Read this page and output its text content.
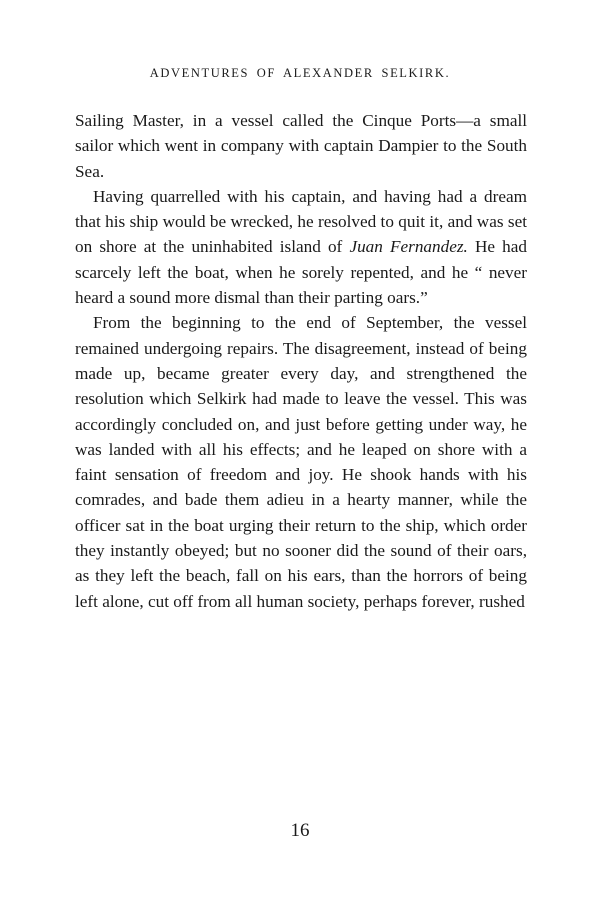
ADVENTURES OF ALEXANDER SELKIRK.

Sailing Master, in a vessel called the Cinque Ports—a small sailor which went in company with captain Dampier to the South Sea.

Having quarrelled with his captain, and having had a dream that his ship would be wrecked, he resolved to quit it, and was set on shore at the uninhabited island of Juan Fernandez. He had scarcely left the boat, when he sorely repented, and he “ never heard a sound more dismal than their parting oars.”

From the beginning to the end of September, the vessel remained undergoing repairs. The disagreement, instead of being made up, became greater every day, and strengthened the resolution which Selkirk had made to leave the vessel. This was accordingly concluded on, and just before getting under way, he was landed with all his effects; and he leaped on shore with a faint sensation of freedom and joy. He shook hands with his comrades, and bade them adieu in a hearty manner, while the officer sat in the boat urging their return to the ship, which order they instantly obeyed; but no sooner did the sound of their oars, as they left the beach, fall on his ears, than the horrors of being left alone, cut off from all human society, perhaps forever, rushed

16
